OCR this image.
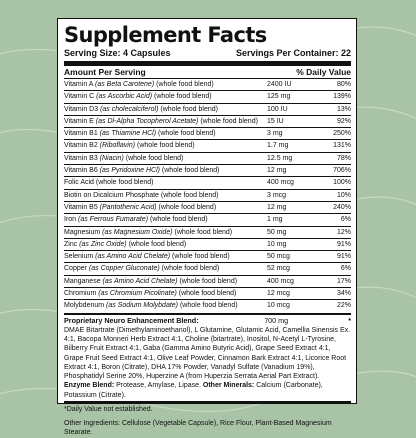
Supplement Facts
Serving Size: 4 Capsules	Servings Per Container: 22
Amount Per Serving	% Daily Value
Vitamin A (as Beta Carotene) (whole food blend)	2400 IU	80%
Vitamin C (as Ascorbic Acid) (whole food blend)	125 mg	139%
Vitamin D3 (as cholecalciferol) (whole food blend)	100 IU	13%
Vitamin E (as Dl-Alpha Tocopherol Acetate) (whole food blend)	15 IU	92%
Vitamin B1 (as Thiamine HCl) (whole food blend)	3 mg	250%
Vitamin B2 (Riboflavin) (whole food blend)	1.7 mg	131%
Vitamin B3 (Niacin) (whole food blend)	12.5 mg	78%
Vitamin B6 (as Pyridoxine HCl) (whole food blend)	12 mg	706%
Folic Acid (whole food blend)	400 mcg	100%
Biotin on Dicalcium Phosphate (whole food blend)	3 mcg	10%
Vitamin B5 (Pantothenic Acid) (whole food blend)	12 mg	240%
Iron (as Ferrous Fumarate) (whole food blend)	1 mg	6%
Magnesium (as Magnesium Oxide) (whole food blend)	50 mg	12%
Zinc (as Zinc Oxide) (whole food blend)	10 mg	91%
Selenium (as Amino Acid Chelate) (whole food blend)	50 mcg	91%
Copper (as Copper Gluconate) (whole food blend)	52 mcg	6%
Manganese (as Amino Acid Chelate) (whole food blend)	400 mcg	17%
Chromium (as Chromium Picolinate) (whole food blend)	12 mcg	34%
Molybdenum (as Sodium Molybdate) (whole food blend)	10 mcg	22%
Proprietary Neuro Enhancement Blend:	700 mg	*
DMAE Bitartrate (Dimethylaminoethanol), L Glutamine, Glutamic Acid, Camellia Sinensis Ex. 4:1, Bacopa Monneri Herb Extract 4:1, Choline (bitartrate), Inositol, N-Acetyl L-Tyrosine, Bilberry Fruit Extract 4:1, Gaba (Gamma Amino Butyric Acid), Grape Seed Extract 4:1, Grape Fruit Seed Extract 4:1, Olive Leaf Powder, Cinnamon Bark Extract 4:1, Licorice Root Extract 4:1, Boron (Citrate), DHA 17% Powder, Vanadyl Sulfate (Vanadium 19%), Phosphatidyl Serine 20%, Huperzine A (from Huperzia Serrata Aerial Part Extract).
Enzyme Blend: Protease, Amylase, Lipase. Other Minerals: Calcium (Carbonate), Potassium (Citrate).
*Daily Value not established.
Other Ingredients: Cellulose (Vegetable Capsule), Rice Flour, Plant-Based Magnesium Stearate.
